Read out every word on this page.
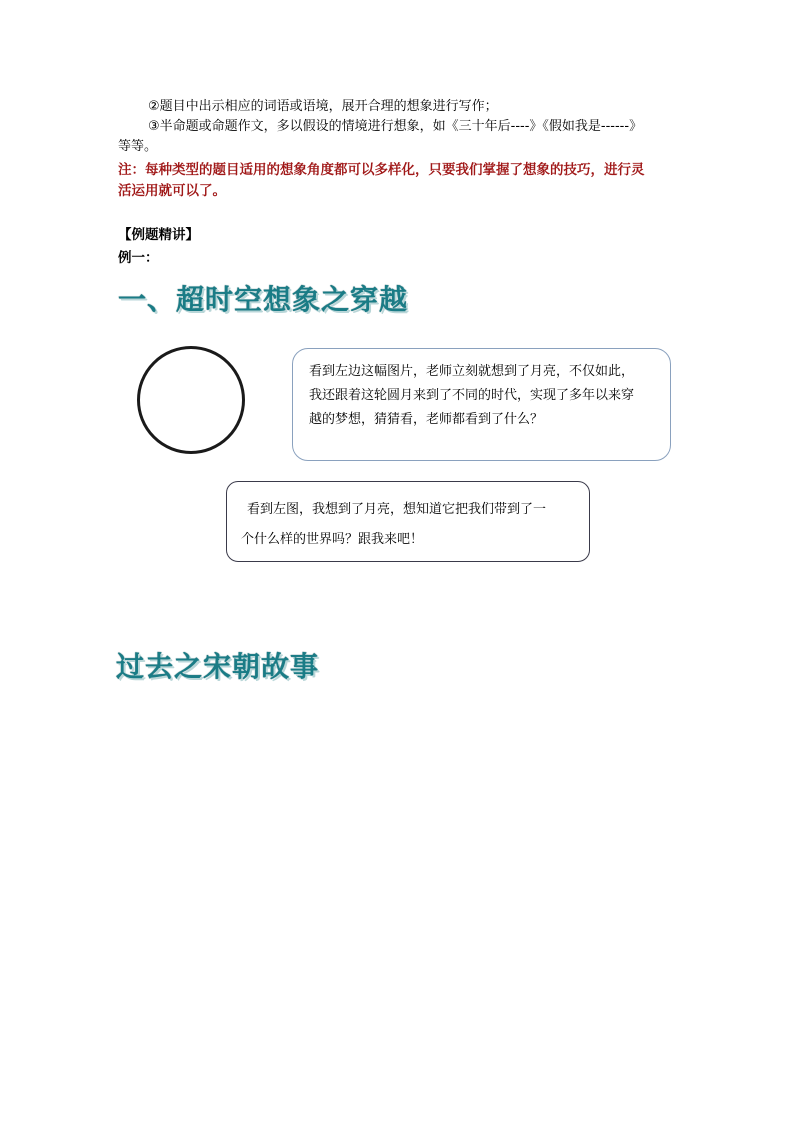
②题目中出示相应的词语或语境，展开合理的想象进行写作；
③半命题或命题作文，多以假设的情境进行想象，如《三十年后----》《假如我是------》
等等。
注：每种类型的题目适用的想象角度都可以多样化，只要我们掌握了想象的技巧，进行灵
活运用就可以了。
【例题精讲】
例一：
一、超时空想象之穿越
看到左边这幅图片，老师立刻就想到了月亮，不仅如此，
我还跟着这轮圆月来到了不同的时代，实现了多年以来穿
越的梦想，猜猜看，老师都看到了什么？
看到左图，我想到了月亮，想知道它把我们带到了一
个什么样的世界吗？跟我来吧！
过去之宋朝故事
